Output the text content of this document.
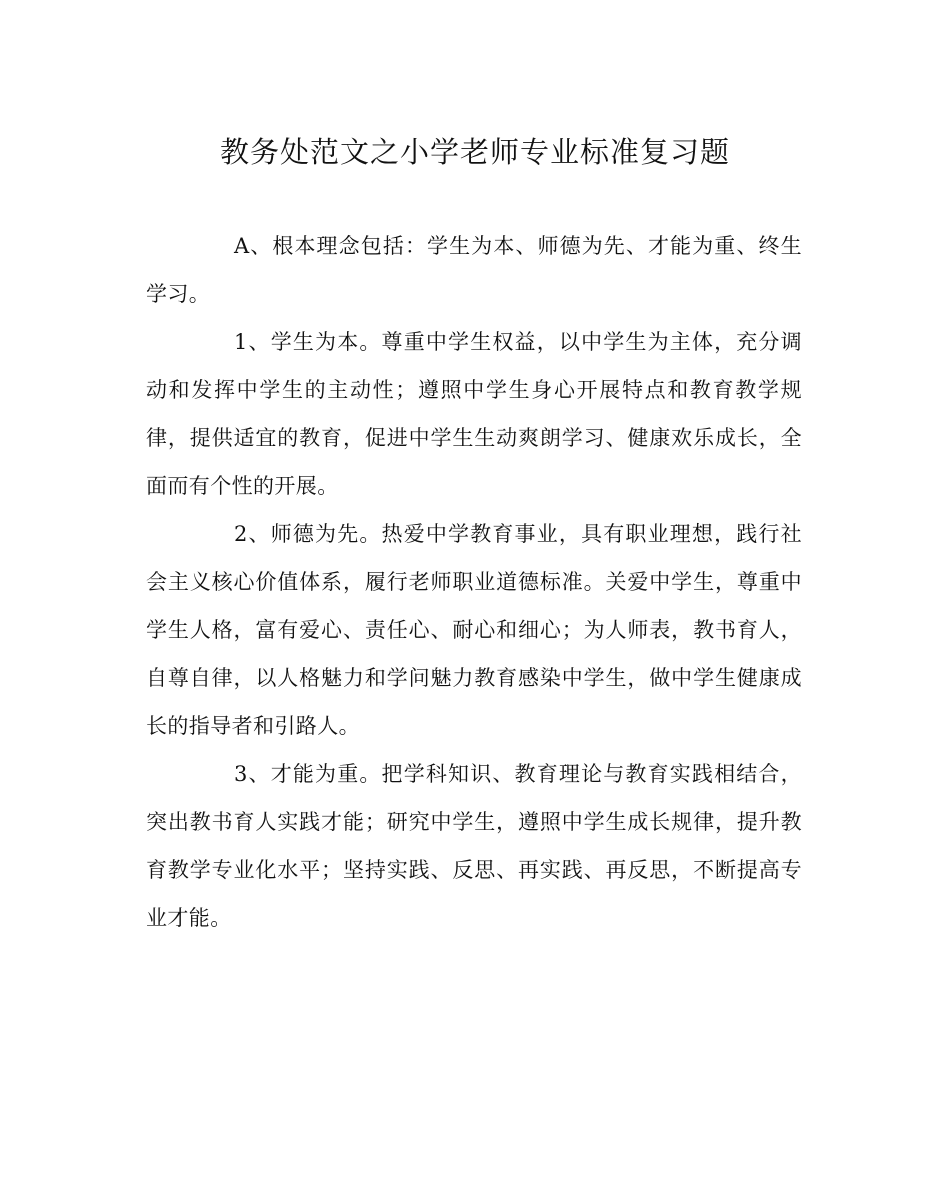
教务处范文之小学老师专业标准复习题

A、根本理念包括：学生为本、师德为先、才能为重、终生学习。

1、学生为本。尊重中学生权益，以中学生为主体，充分调动和发挥中学生的主动性；遵照中学生身心开展特点和教育教学规律，提供适宜的教育，促进中学生生动爽朗学习、健康欢乐成长，全面而有个性的开展。

2、师德为先。热爱中学教育事业，具有职业理想，践行社会主义核心价值体系，履行老师职业道德标准。关爱中学生，尊重中学生人格，富有爱心、责任心、耐心和细心；为人师表，教书育人，自尊自律，以人格魅力和学问魅力教育感染中学生，做中学生健康成长的指导者和引路人。

3、才能为重。把学科知识、教育理论与教育实践相结合，突出教书育人实践才能；研究中学生，遵照中学生成长规律，提升教育教学专业化水平；坚持实践、反思、再实践、再反思，不断提高专业才能。
